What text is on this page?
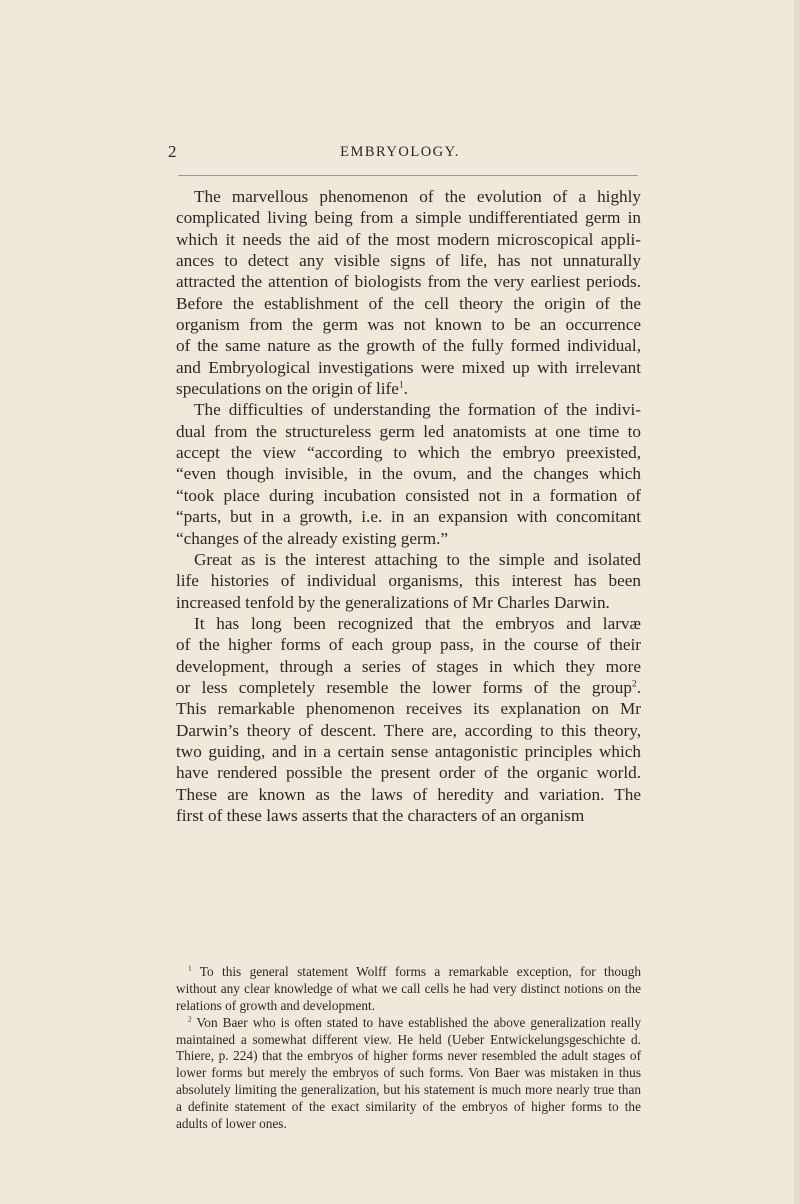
2	EMBRYOLOGY.
The marvellous phenomenon of the evolution of a highly
complicated living being from a simple undifferentiated germ in
which it needs the aid of the most modern microscopical appli-
ances to detect any visible signs of life, has not unnaturally
attracted the attention of biologists from the very earliest periods.
Before the establishment of the cell theory the origin of the
organism from the germ was not known to be an occurrence
of the same nature as the growth of the fully formed individual,
and Embryological investigations were mixed up with irrelevant
speculations on the origin of life$^1$.
The difficulties of understanding the formation of the indivi-
dual from the structureless germ led anatomists at one time to
accept the view “according to which the embryo preexisted,
“even though invisible, in the ovum, and the changes which
“took place during incubation consisted not in a formation of
“parts, but in a growth, i.e. in an expansion with concomitant
“changes of the already existing germ.”
Great as is the interest attaching to the simple and isolated
life histories of individual organisms, this interest has been
increased tenfold by the generalizations of Mr Charles Darwin.
It has long been recognized that the embryos and larvæ
of the higher forms of each group pass, in the course of their
development, through a series of stages in which they more
or less completely resemble the lower forms of the group$^2$.
This remarkable phenomenon receives its explanation on Mr
Darwin’s theory of descent. There are, according to this theory,
two guiding, and in a certain sense antagonistic principles which
have rendered possible the present order of the organic world.
These are known as the laws of heredity and variation. The
first of these laws asserts that the characters of an organism
$^1$ To this general statement Wolff forms a remarkable exception, for though
without any clear knowledge of what we call cells he had very distinct notions on the
relations of growth and development.
$^2$ Von Baer who is often stated to have established the above generalization really
maintained a somewhat different view. He held (Ueber Entwickelungsgeschichte d.
Thiere, p. 224) that the embryos of higher forms never resembled the adult stages of
lower forms but merely the embryos of such forms. Von Baer was mistaken in thus
absolutely limiting the generalization, but his statement is much more nearly true than
a definite statement of the exact similarity of the embryos of higher forms to the
adults of lower ones.
